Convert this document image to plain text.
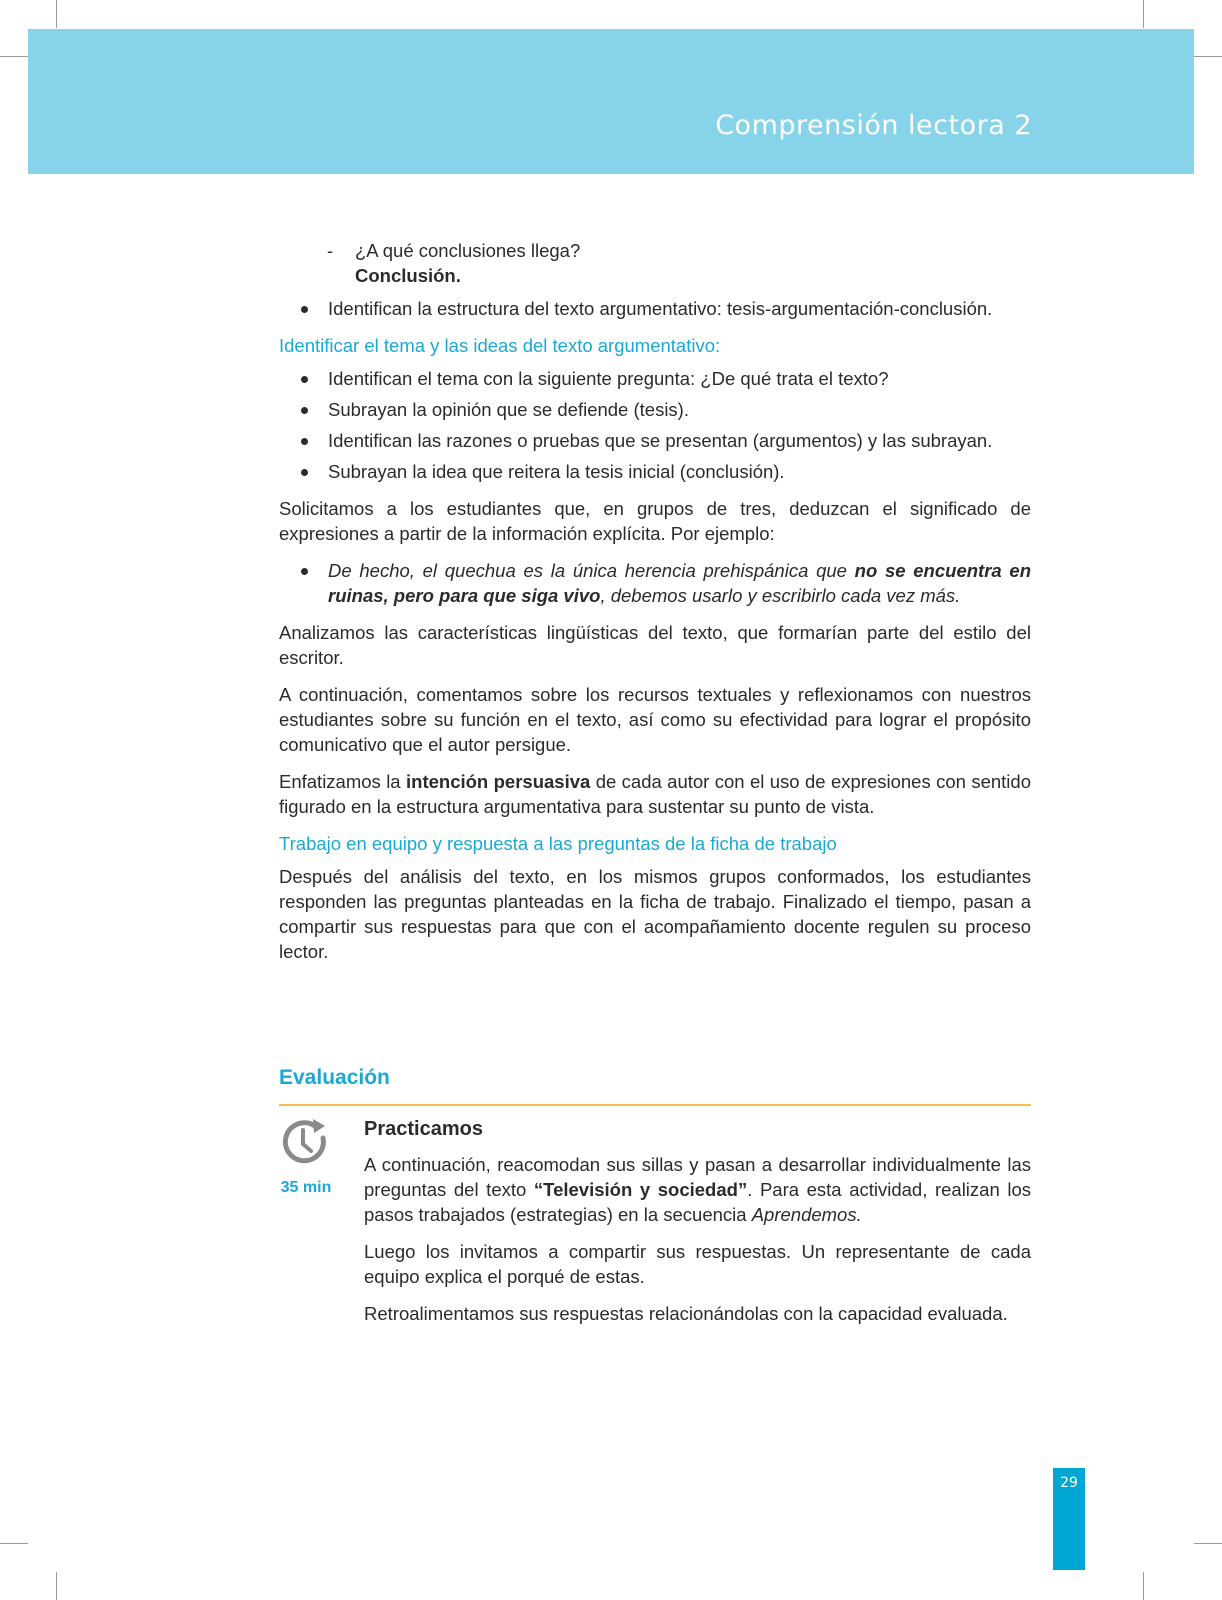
Comprensión lectora 2
- ¿A qué conclusiones llega?
Conclusión.
Identifican la estructura del texto argumentativo: tesis-argumentación-conclusión.
Identificar el tema y las ideas del texto argumentativo:
Identifican el tema con la siguiente pregunta: ¿De qué trata el texto?
Subrayan la opinión que se defiende (tesis).
Identifican las razones o pruebas que se presentan (argumentos) y las subrayan.
Subrayan la idea que reitera la tesis inicial (conclusión).

Solicitamos a los estudiantes que, en grupos de tres, deduzcan el significado de expresiones a partir de la información explícita. Por ejemplo:

De hecho, el quechua es la única herencia prehispánica que no se encuentra en ruinas, pero para que siga vivo, debemos usarlo y escribirlo cada vez más.

Analizamos las características lingüísticas del texto, que formarían parte del estilo del escritor.

A continuación, comentamos sobre los recursos textuales y reflexionamos con nuestros estudiantes sobre su función en el texto, así como su efectividad para lograr el propósito comunicativo que el autor persigue.

Enfatizamos la intención persuasiva de cada autor con el uso de expresiones con sentido figurado en la estructura argumentativa para sustentar su punto de vista.

Trabajo en equipo y respuesta a las preguntas de la ficha de trabajo

Después del análisis del texto, en los mismos grupos conformados, los estudiantes responden las preguntas planteadas en la ficha de trabajo. Finalizado el tiempo, pasan a compartir sus respuestas para que con el acompañamiento docente regulen su proceso lector.

Evaluación
35 min
Practicamos

A continuación, reacomodan sus sillas y pasan a desarrollar individualmente las preguntas del texto “Televisión y sociedad”. Para esta actividad, realizan los pasos trabajados (estrategias) en la secuencia Aprendemos.

Luego los invitamos a compartir sus respuestas. Un representante de cada equipo explica el porqué de estas.

Retroalimentamos sus respuestas relacionándolas con la capacidad evaluada.

29
